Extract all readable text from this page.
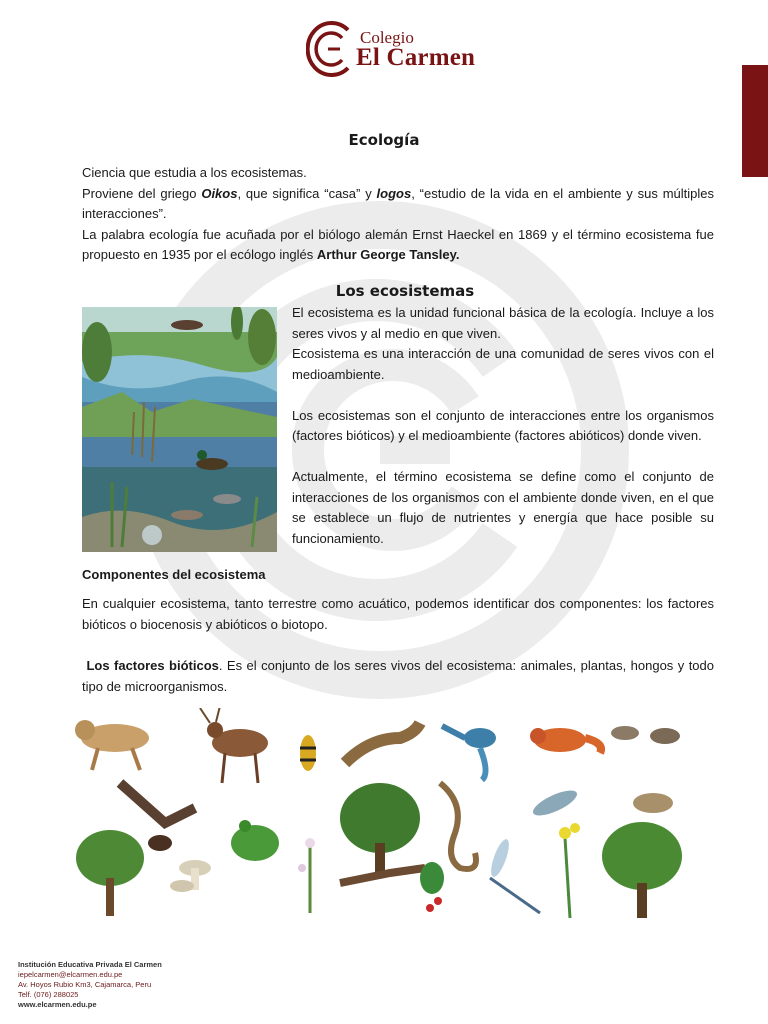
Colegio
El Carmen
Ecología

Ciencia que estudia a los ecosistemas.

Proviene del griego Oikos, que significa “casa” y logos, “estudio de la vida en el ambiente y sus múltiples interacciones”.

La palabra ecología fue acuñada por el biólogo alemán Ernst Haeckel en 1869 y el término ecosistema fue propuesto en 1935 por el ecólogo inglés Arthur George Tansley.

Los ecosistemas

El ecosistema es la unidad funcional básica de la ecología. Incluye a los seres vivos y al medio en que viven.

Ecosistema es una interacción de una comunidad de seres vivos con el medioambiente.

Los ecosistemas son el conjunto de interacciones entre los organismos (factores bióticos) y el medioambiente (factores abióticos) donde viven.

Actualmente, el término ecosistema se define como el conjunto de interacciones de los organismos con el ambiente donde viven, en el que se establece un flujo de nutrientes y energía que hace posible su funcionamiento.

Componentes del ecosistema

En cualquier ecosistema, tanto terrestre como acuático, podemos identificar dos componentes: los factores bióticos o biocenosis y abióticos o biotopo.

Los factores bióticos. Es el conjunto de los seres vivos del ecosistema: animales, plantas, hongos y todo tipo de microorganismos.

Institución Educativa Privada El Carmen
iepelcarmen@elcarmen.edu.pe
Av. Hoyos Rubio Km3, Cajamarca, Peru
Telf. (076) 288025
www.elcarmen.edu.pe
